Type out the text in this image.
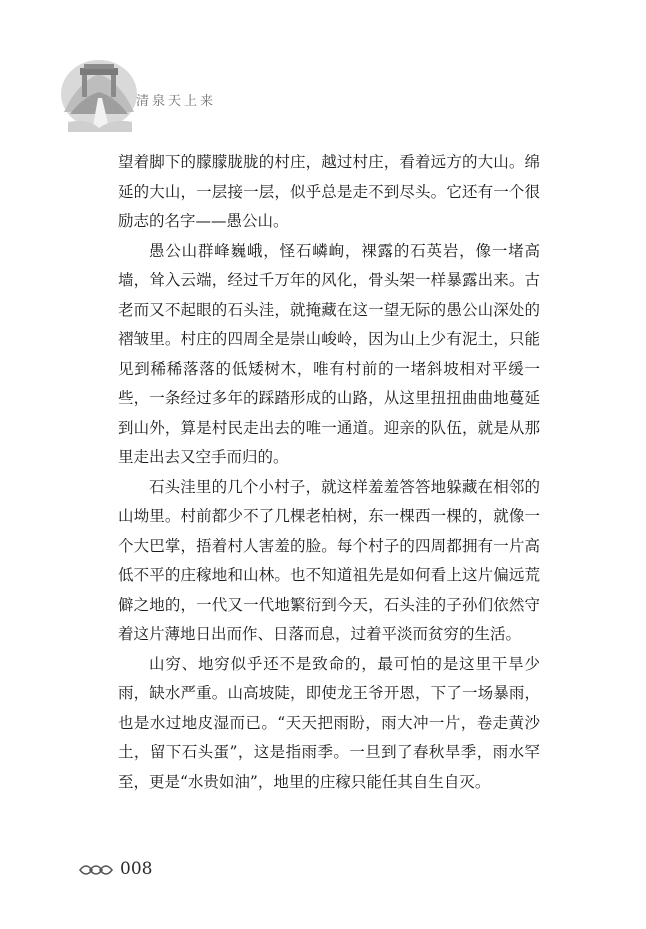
清泉天上来

望着脚下的朦朦胧胧的村庄，越过村庄，看着远方的大山。绵延的大山，一层接一层，似乎总是走不到尽头。它还有一个很励志的名字——愚公山。

愚公山群峰巍峨，怪石嶙峋，裸露的石英岩，像一堵高墙，耸入云端，经过千万年的风化，骨头架一样暴露出来。古老而又不起眼的石头洼，就掩藏在这一望无际的愚公山深处的褶皱里。村庄的四周全是崇山峻岭，因为山上少有泥土，只能见到稀稀落落的低矮树木，唯有村前的一堵斜坡相对平缓一些，一条经过多年的踩踏形成的山路，从这里扭扭曲曲地蔓延到山外，算是村民走出去的唯一通道。迎亲的队伍，就是从那里走出去又空手而归的。

石头洼里的几个小村子，就这样羞羞答答地躲藏在相邻的山坳里。村前都少不了几棵老柏树，东一棵西一棵的，就像一个大巴掌，捂着村人害羞的脸。每个村子的四周都拥有一片高低不平的庄稼地和山林。也不知道祖先是如何看上这片偏远荒僻之地的，一代又一代地繁衍到今天，石头洼的子孙们依然守着这片薄地日出而作、日落而息，过着平淡而贫穷的生活。

山穷、地穷似乎还不是致命的，最可怕的是这里干旱少雨，缺水严重。山高坡陡，即使龙王爷开恩，下了一场暴雨，也是水过地皮湿而已。“天天把雨盼，雨大冲一片，卷走黄沙土，留下石头蛋”，这是指雨季。一旦到了春秋旱季，雨水罕至，更是“水贵如油”，地里的庄稼只能任其自生自灭。

008
